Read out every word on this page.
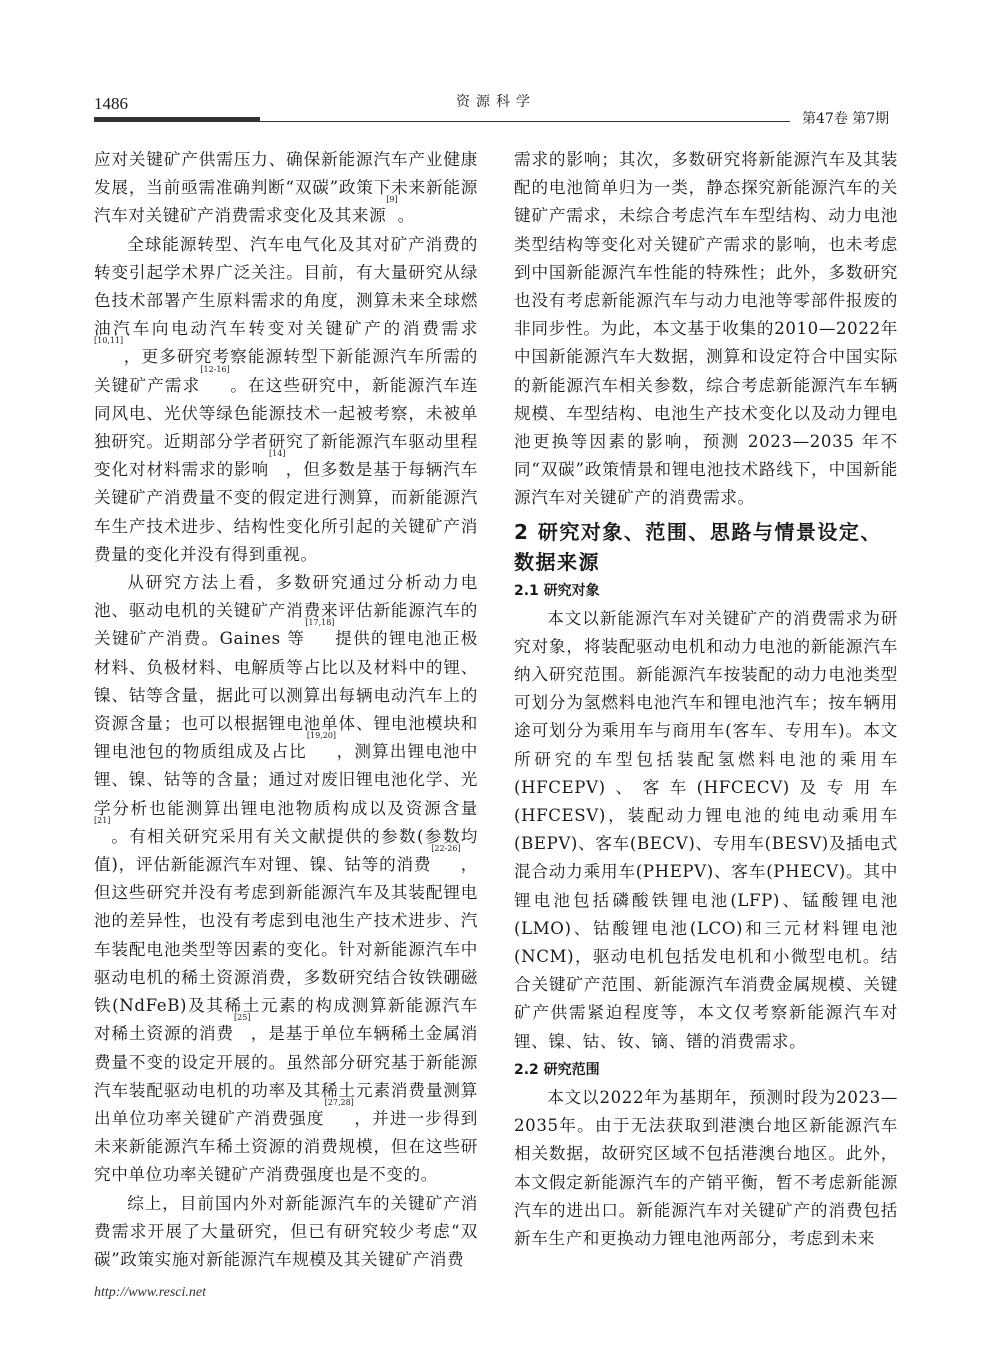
1486	资源科学
第47卷 第7期

应对关键矿产供需压力、确保新能源汽车产业健康发展，当前亟需准确判断“双碳”政策下未来新能源汽车对关键矿产消费需求变化及其来源[9]。

全球能源转型、汽车电气化及其对矿产消费的转变引起学术界广泛关注。目前，有大量研究从绿色技术部署产生原料需求的角度，测算未来全球燃油汽车向电动汽车转变对关键矿产的消费需求[10,11]，更多研究考察能源转型下新能源汽车所需的关键矿产需求[12-16]。在这些研究中，新能源汽车连同风电、光伏等绿色能源技术一起被考察，未被单独研究。近期部分学者研究了新能源汽车驱动里程变化对材料需求的影响[14]，但多数是基于每辆汽车关键矿产消费量不变的假定进行测算，而新能源汽车生产技术进步、结构性变化所引起的关键矿产消费量的变化并没有得到重视。

从研究方法上看，多数研究通过分析动力电池、驱动电机的关键矿产消费来评估新能源汽车的关键矿产消费。Gaines 等[17,18]提供的锂电池正极材料、负极材料、电解质等占比以及材料中的锂、镍、钴等含量，据此可以测算出每辆电动汽车上的资源含量；也可以根据锂电池单体、锂电池模块和锂电池包的物质组成及占比[19,20]，测算出锂电池中锂、镍、钴等的含量；通过对废旧锂电池化学、光学分析也能测算出锂电池物质构成以及资源含量[21]。有相关研究采用有关文献提供的参数(参数均值)，评估新能源汽车对锂、镍、钴等的消费[22-26]，但这些研究并没有考虑到新能源汽车及其装配锂电池的差异性，也没有考虑到电池生产技术进步、汽车装配电池类型等因素的变化。针对新能源汽车中驱动电机的稀土资源消费，多数研究结合钕铁硼磁铁(NdFeB)及其稀土元素的构成测算新能源汽车对稀土资源的消费[25]，是基于单位车辆稀土金属消费量不变的设定开展的。虽然部分研究基于新能源汽车装配驱动电机的功率及其稀土元素消费量测算出单位功率关键矿产消费强度[27,28]，并进一步得到未来新能源汽车稀土资源的消费规模，但在这些研究中单位功率关键矿产消费强度也是不变的。

综上，目前国内外对新能源汽车的关键矿产消费需求开展了大量研究，但已有研究较少考虑“双碳”政策实施对新能源汽车规模及其关键矿产消费

需求的影响；其次，多数研究将新能源汽车及其装配的电池简单归为一类，静态探究新能源汽车的关键矿产需求，未综合考虑汽车车型结构、动力电池类型结构等变化对关键矿产需求的影响，也未考虑到中国新能源汽车性能的特殊性；此外，多数研究也没有考虑新能源汽车与动力电池等零部件报废的非同步性。为此，本文基于收集的2010—2022年中国新能源汽车大数据，测算和设定符合中国实际的新能源汽车相关参数，综合考虑新能源汽车车辆规模、车型结构、电池生产技术变化以及动力锂电池更换等因素的影响，预测 2023—2035 年不同“双碳”政策情景和锂电池技术路线下，中国新能源汽车对关键矿产的消费需求。

2 研究对象、范围、思路与情景设定、数据来源
2.1 研究对象

本文以新能源汽车对关键矿产的消费需求为研究对象，将装配驱动电机和动力电池的新能源汽车纳入研究范围。新能源汽车按装配的动力电池类型可划分为氢燃料电池汽车和锂电池汽车；按车辆用途可划分为乘用车与商用车(客车、专用车)。本文所研究的车型包括装配氢燃料电池的乘用车(HFCEPV)、客车(HFCECV)及专用车(HFCESV)，装配动力锂电池的纯电动乘用车(BEPV)、客车(BECV)、专用车(BESV)及插电式混合动力乘用车(PHEPV)、客车(PHECV)。其中锂电池包括磷酸铁锂电池(LFP)、锰酸锂电池(LMO)、钴酸锂电池(LCO)和三元材料锂电池(NCM)，驱动电机包括发电机和小微型电机。结合关键矿产范围、新能源汽车消费金属规模、关键矿产供需紧迫程度等，本文仅考察新能源汽车对锂、镍、钴、钕、镝、镨的消费需求。

2.2 研究范围

本文以2022年为基期年，预测时段为2023—2035年。由于无法获取到港澳台地区新能源汽车相关数据，故研究区域不包括港澳台地区。此外，本文假定新能源汽车的产销平衡，暂不考虑新能源汽车的进出口。新能源汽车对关键矿产的消费包括新车生产和更换动力锂电池两部分，考虑到未来

http://www.resci.net
